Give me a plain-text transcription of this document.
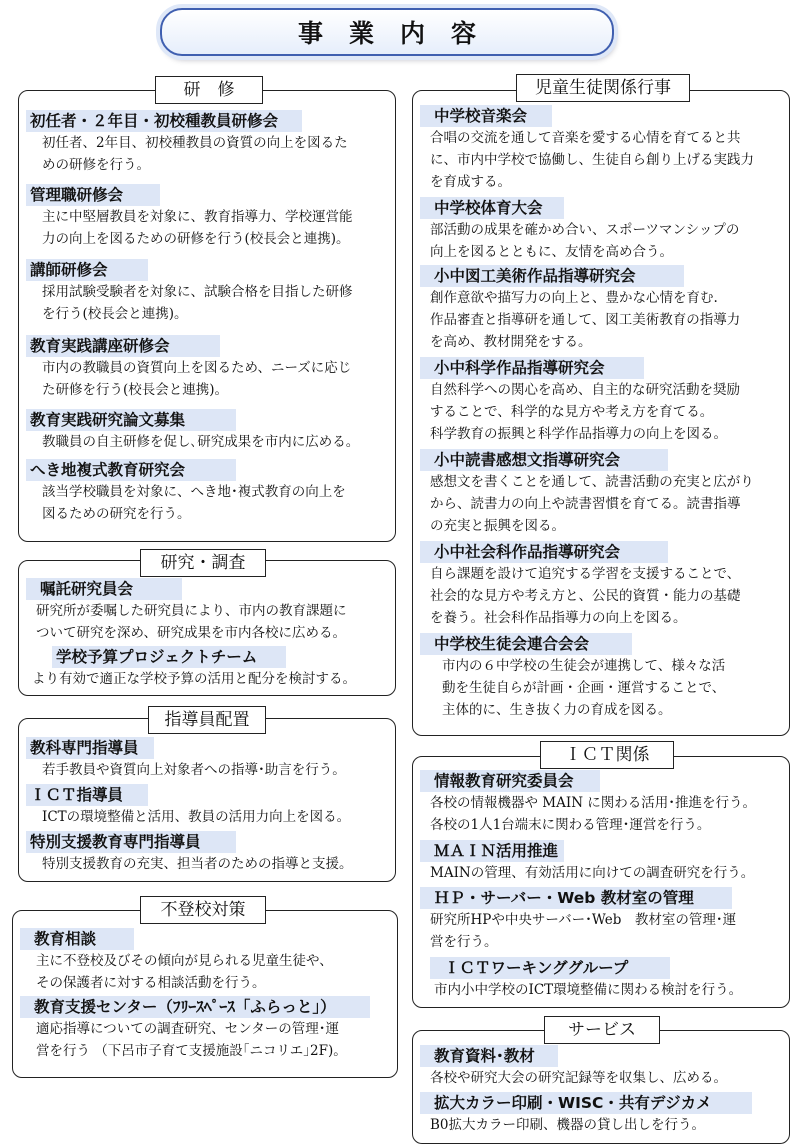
事業内容
研　修
初任者・２年目・初校種教員研修会
初任者、2年目、初校種教員の資質の向上を図るた
めの研修を行う。
管理職研修会
主に中堅層教員を対象に、教育指導力、学校運営能
力の向上を図るための研修を行う(校長会と連携)。
講師研修会
採用試験受験者を対象に、試験合格を目指した研修
を行う(校長会と連携)。
教育実践講座研修会
市内の教職員の資質向上を図るため、ニーズに応じ
た研修を行う(校長会と連携)。
教育実践研究論文募集
教職員の自主研修を促し､研究成果を市内に広める。
へき地複式教育研究会
該当学校職員を対象に、へき地･複式教育の向上を
図るための研究を行う。
研究・調査
嘱託研究員会
研究所が委嘱した研究員により、市内の教育課題に
ついて研究を深め、研究成果を市内各校に広める。
学校予算プロジェクトチーム
より有効で適正な学校予算の活用と配分を検討する。
指導員配置
教科専門指導員
若手教員や資質向上対象者への指導･助言を行う。
ＩＣＴ指導員
ICTの環境整備と活用、教員の活用力向上を図る。
特別支援教育専門指導員
特別支援教育の充実、担当者のための指導と支援。
不登校対策
教育相談
主に不登校及びその傾向が見られる児童生徒や、
その保護者に対する相談活動を行う。
教育支援センター（ﾌﾘｰｽﾍﾟｰｽ「ふらっと」）
適応指導についての調査研究、センターの管理･運
営を行う （下呂市子育て支援施設｢ニコリエ｣2F)。
児童生徒関係行事
中学校音楽会
合唱の交流を通して音楽を愛する心情を育てると共
に、市内中学校で協働し、生徒自ら創り上げる実践力
を育成する。
中学校体育大会
部活動の成果を確かめ合い、スポーツマンシップの
向上を図るとともに、友情を高め合う。
小中図工美術作品指導研究会
創作意欲や描写力の向上と、豊かな心情を育む.
作品審査と指導研を通して、図工美術教育の指導力
を高め、教材開発をする。
小中科学作品指導研究会
自然科学への関心を高め、自主的な研究活動を奨励
することで、科学的な見方や考え方を育てる。
科学教育の振興と科学作品指導力の向上を図る。
小中読書感想文指導研究会
感想文を書くことを通して、読書活動の充実と広がり
から、読書力の向上や読書習慣を育てる。読書指導
の充実と振興を図る。
小中社会科作品指導研究会
自ら課題を設けて追究する学習を支援することで、
社会的な見方や考え方と、公民的資質・能力の基礎
を養う。社会科作品指導力の向上を図る。
中学校生徒会連合会会
市内の６中学校の生徒会が連携して、様々な活
動を生徒自らが計画・企画・運営することで、
主体的に、生き抜く力の育成を図る。
ＩＣＴ関係
情報教育研究委員会
各校の情報機器や MAIN に関わる活用･推進を行う。
各校の1人1台端末に関わる管理･運営を行う。
ＭＡＩＮ活用推進
MAINの管理、有効活用に向けての調査研究を行う。
ＨＰ・サーバー・Web 教材室の管理
研究所HPや中央サーバー･Web　教材室の管理･運
営を行う。
ＩＣＴワーキンググループ
市内小中学校のICT環境整備に関わる検討を行う。
サービス
教育資料･教材
各校や研究大会の研究記録等を収集し、広める。
拡大カラー印刷・WISC・共有デジカメ
B0拡大カラー印刷、機器の貸し出しを行う。
